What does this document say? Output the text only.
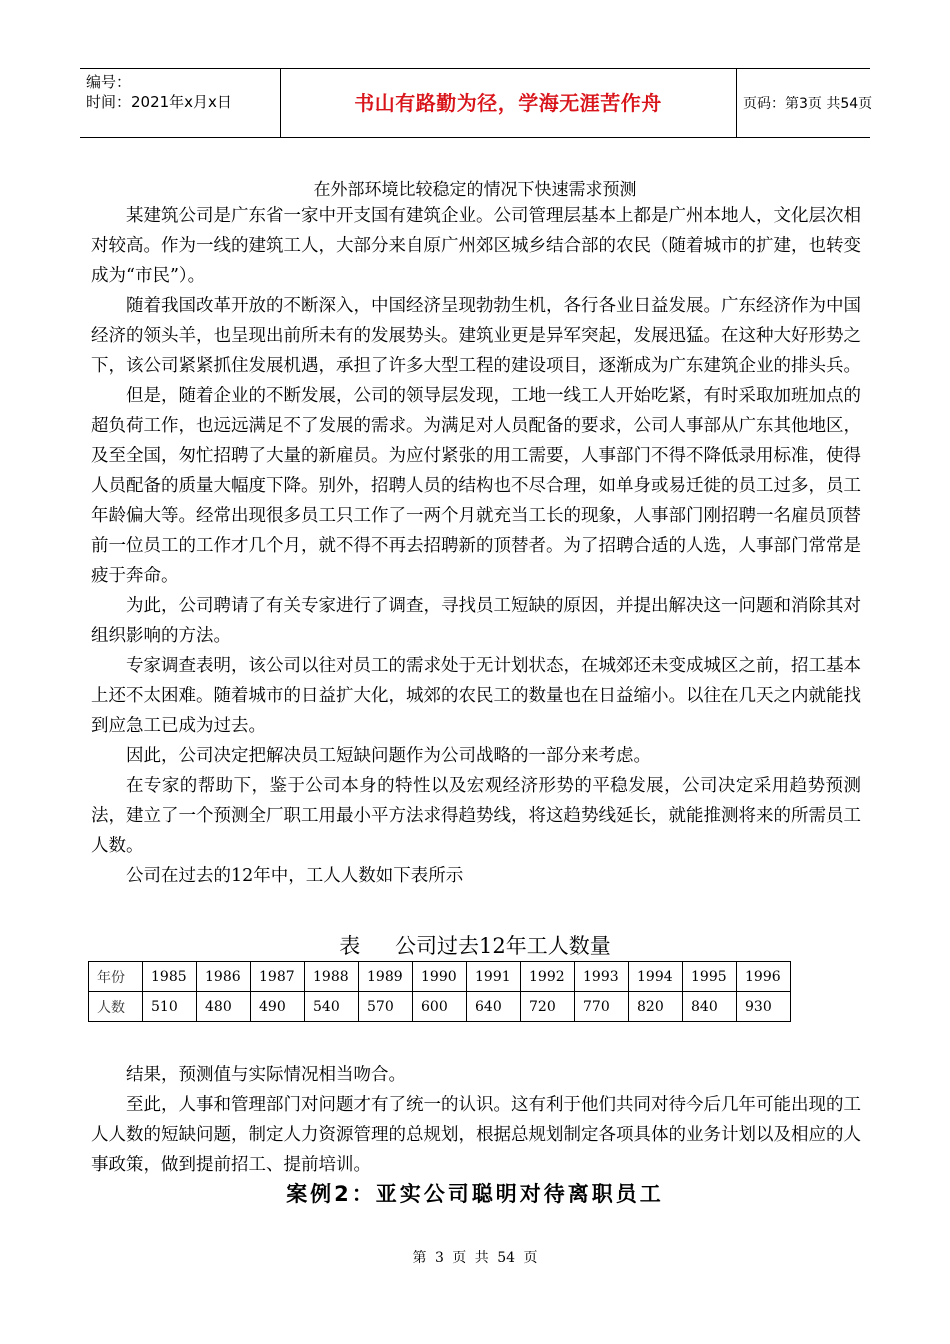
编号：
时间：2021年x月x日	书山有路勤为径，学海无涯苦作舟	页码：第3页 共54页
在外部环境比较稳定的情况下快速需求预测

某建筑公司是广东省一家中开支国有建筑企业。公司管理层基本上都是广州本地人，文化层次相对较高。作为一线的建筑工人，大部分来自原广州郊区城乡结合部的农民（随着城市的扩建，也转变成为“市民”）。

随着我国改革开放的不断深入，中国经济呈现勃勃生机，各行各业日益发展。广东经济作为中国经济的领头羊，也呈现出前所未有的发展势头。建筑业更是异军突起，发展迅猛。在这种大好形势之下，该公司紧紧抓住发展机遇，承担了许多大型工程的建设项目，逐渐成为广东建筑企业的排头兵。

但是，随着企业的不断发展，公司的领导层发现，工地一线工人开始吃紧，有时采取加班加点的超负荷工作，也远远满足不了发展的需求。为满足对人员配备的要求，公司人事部从广东其他地区，及至全国，匆忙招聘了大量的新雇员。为应付紧张的用工需要，人事部门不得不降低录用标准，使得人员配备的质量大幅度下降。别外，招聘人员的结构也不尽合理，如单身或易迁徙的员工过多，员工年龄偏大等。经常出现很多员工只工作了一两个月就充当工长的现象，人事部门刚招聘一名雇员顶替前一位员工的工作才几个月，就不得不再去招聘新的顶替者。为了招聘合适的人选，人事部门常常是疲于奔命。

为此，公司聘请了有关专家进行了调查，寻找员工短缺的原因，并提出解决这一问题和消除其对组织影响的方法。

专家调查表明，该公司以往对员工的需求处于无计划状态，在城郊还未变成城区之前，招工基本上还不太困难。随着城市的日益扩大化，城郊的农民工的数量也在日益缩小。以往在几天之内就能找到应急工已成为过去。

因此，公司决定把解决员工短缺问题作为公司战略的一部分来考虑。

在专家的帮助下，鉴于公司本身的特性以及宏观经济形势的平稳发展，公司决定采用趋势预测法，建立了一个预测全厂职工用最小平方法求得趋势线，将这趋势线延长，就能推测将来的所需员工人数。

公司在过去的12年中，工人人数如下表所示

表 公司过去12年工人数量
年份	1985	1986	1987	1988	1989	1990	1991	1992	1993	1994	1995	1996
人数	510	480	490	540	570	600	640	720	770	820	840	930

结果，预测值与实际情况相当吻合。

至此，人事和管理部门对问题才有了统一的认识。这有利于他们共同对待今后几年可能出现的工人人数的短缺问题，制定人力资源管理的总规划，根据总规划制定各项具体的业务计划以及相应的人事政策，做到提前招工、提前培训。

案例2：亚实公司聪明对待离职员工
第 3 页 共 54 页
